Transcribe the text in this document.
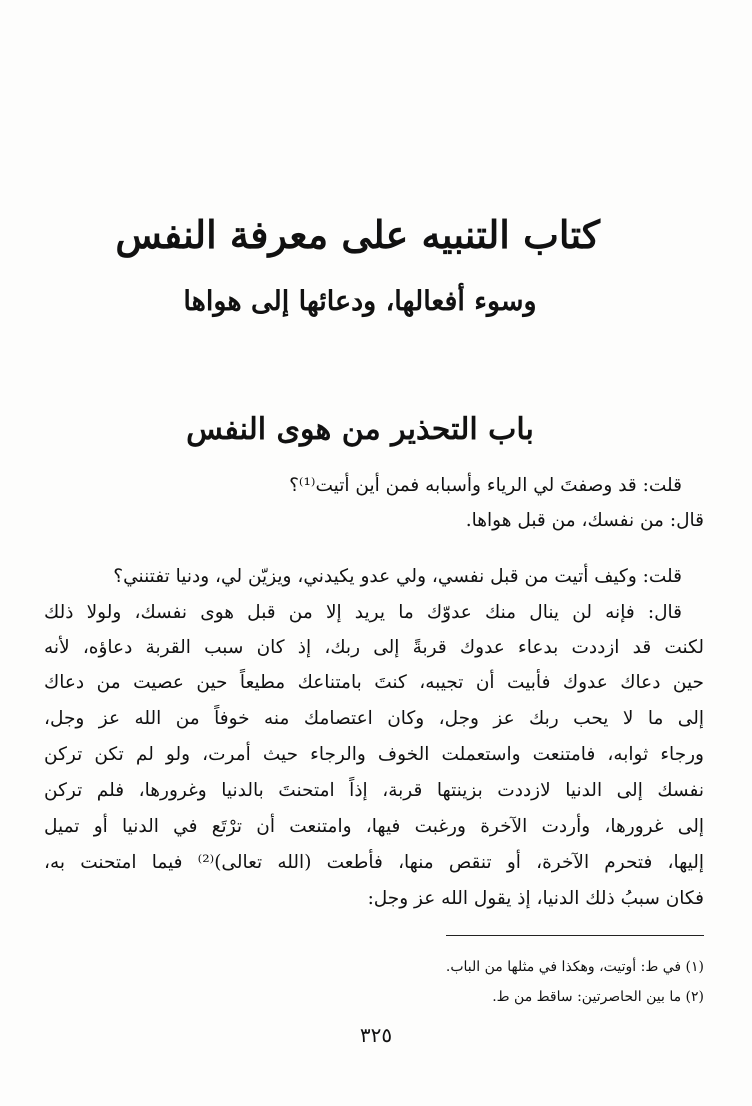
كتاب التنبيه على معرفة النفس
وسوء أفعالها، ودعائها إلى هواها
باب التحذير من هوى النفس
قلت: قد وصفتَ لي الرياء وأسبابه فمن أين أتيت⁽¹⁾؟
قال: من نفسك، من قبل هواها.
قلت: وكيف أتيت من قبل نفسي، ولي عدو يكيدني، ويزيّن لي، ودنيا تفتنني؟
قال: فإنه لن ينال منك عدوّك ما يريد إلا من قبل هوى نفسك، ولولا ذلك
لكنت قد ازددت بدعاء عدوك قربةً إلى ربك، إذ كان سبب القربة دعاؤه، لأنه
حين دعاك عدوك فأبيت أن تجيبه، كنتَ بامتناعك مطيعاً حين عصيت من دعاك
إلى ما لا يحب ربك عز وجل، وكان اعتصامك منه خوفاً من الله عز وجل،
ورجاء ثوابه، فامتنعت واستعملت الخوف والرجاء حيث أمرت، ولو لم تكن تركن
نفسك إلى الدنيا لازددت بزينتها قربة، إذاً امتحنتَ بالدنيا وغرورها، فلم تركن
إلى غرورها، وأردت الآخرة ورغبت فيها، وامتنعت أن ترْتَع في الدنيا أو تميل
إليها، فتحرم الآخرة، أو تنقص منها، فأطعت (الله تعالى)⁽²⁾ فيما امتحنت به،
فكان سببُ ذلك الدنيا، إذ يقول الله عز وجل:
(١) في ط: أوتيت، وهكذا في مثلها من الباب.
(٢) ما بين الحاصرتين: ساقط من ط.
٣٢٥
